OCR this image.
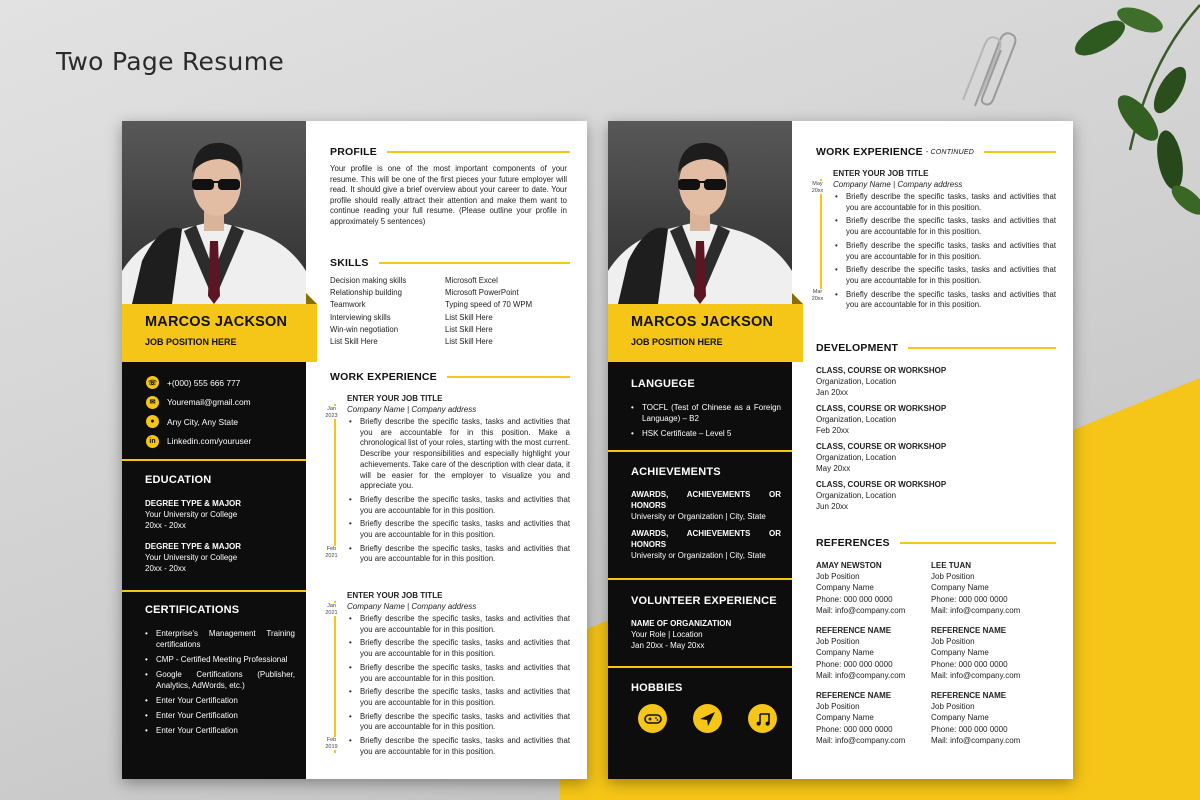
Two Page Resume
MARCOS JACKSON
JOB POSITION HERE
☏ +(000) 555 666 777
✉	Youremail@gmail.com
●	Any City, Any State
in	Linkedin.com/youruser
EDUCATION
DEGREE TYPE & MAJOR
Your University or College
20xx - 20xx
DEGREE TYPE & MAJOR
Your University or College
20xx - 20xx
CERTIFICATIONS
• Enterprise's Management Training certifications
• CMP - Certified Meeting Professional
• Google Certifications (Publisher, Analytics, AdWords, etc.)
• Enter Your Certification
• Enter Your Certification
• Enter Your Certification
PROFILE
Your profile is one of the most important components of your resume. This will be one of the first pieces your future employer will read. It should give a brief overview about your career to date. Your profile should really attract their attention and make them want to continue reading your full resume. (Please outline your profile in approximately 5 sentences)
SKILLS
Decision making skills	Microsoft Excel
Relationship building	Microsoft PowerPoint
Teamwork	Typing speed of 70 WPM
Interviewing skills	List Skill Here
Win-win negotiation	List Skill Here
List Skill Here	List Skill Here
WORK EXPERIENCE
Jan 2023
Feb 2021
ENTER YOUR JOB TITLE
Company Name | Company address
• Briefly describe the specific tasks, tasks and activities that you are accountable for in this position. Make a chronological list of your roles, starting with the most current. Describe your responsibilities and especially highlight your achievements. Take care of the description with clear data, it will be easier for the employer to visualize you and appreciate you.
• Briefly describe the specific tasks, tasks and activities that you are accountable for in this position.
• Briefly describe the specific tasks, tasks and activities that you are accountable for in this position.
• Briefly describe the specific tasks, tasks and activities that you are accountable for in this position.
Jan 2021
Feb 2019
ENTER YOUR JOB TITLE
Company Name | Company address
• Briefly describe the specific tasks, tasks and activities that you are accountable for in this position.
• Briefly describe the specific tasks, tasks and activities that you are accountable for in this position.
• Briefly describe the specific tasks, tasks and activities that you are accountable for in this position.
• Briefly describe the specific tasks, tasks and activities that you are accountable for in this position.
• Briefly describe the specific tasks, tasks and activities that you are accountable for in this position.
• Briefly describe the specific tasks, tasks and activities that you are accountable for in this position.
MARCOS JACKSON
JOB POSITION HERE
LANGUEGE
• TOCFL (Test of Chinese as a Foreign Language) – B2
• HSK Certificate – Level 5
ACHIEVEMENTS
AWARDS, ACHIEVEMENTS OR HONORS
University or Organization | City, State
AWARDS, ACHIEVEMENTS OR HONORS
University or Organization | City, State
VOLUNTEER EXPERIENCE
NAME OF ORGANIZATION
Your Role | Location
Jan 20xx - May 20xx
HOBBIES
WORK EXPERIENCE - CONTINUED
May 20xx
Mar 20xx
ENTER YOUR JOB TITLE
Company Name | Company address
• Briefly describe the specific tasks, tasks and activities that you are accountable for in this position.
• Briefly describe the specific tasks, tasks and activities that you are accountable for in this position.
• Briefly describe the specific tasks, tasks and activities that you are accountable for in this position.
• Briefly describe the specific tasks, tasks and activities that you are accountable for in this position.
• Briefly describe the specific tasks, tasks and activities that you are accountable for in this position.
DEVELOPMENT
CLASS, COURSE OR WORKSHOP
Organization, Location
Jan 20xx
CLASS, COURSE OR WORKSHOP
Organization, Location
Feb 20xx
CLASS, COURSE OR WORKSHOP
Organization, Location
May 20xx
CLASS, COURSE OR WORKSHOP
Organization, Location
Jun 20xx
REFERENCES
AMAY NEWSTON
Job Position
Company Name
Phone: 000 000 0000
Mail: info@company.com
LEE TUAN
Job Position
Company Name
Phone: 000 000 0000
Mail: info@company.com
REFERENCE NAME
Job Position
Company Name
Phone: 000 000 0000
Mail: info@company.com
REFERENCE NAME
Job Position
Company Name
Phone: 000 000 0000
Mail: info@company.com
REFERENCE NAME
Job Position
Company Name
Phone: 000 000 0000
Mail: info@company.com
REFERENCE NAME
Job Position
Company Name
Phone: 000 000 0000
Mail: info@company.com
